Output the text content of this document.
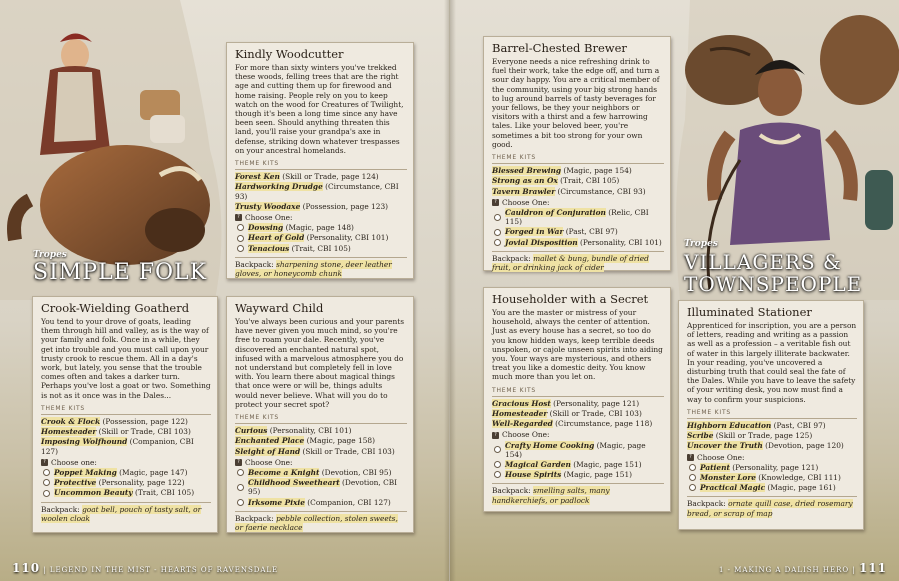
Tropes
SIMPLE FOLK
Tropes
VILLAGERS &
TOWNSPEOPLE
Kindly Woodcutter

For more than sixty winters you've trekked these woods, felling trees that are the right age and cutting them up for firewood and home raising. People rely on you to keep watch on the wood for Creatures of Twilight, though it's been a long time since any have been seen. Should anything threaten this land, you'll raise your grandpa's axe in defense, striking down whatever trespasses on your ancestral homelands.

THEME KITS
Forest Ken (Skill or Trade, page 124)
Hardworking Drudge (Circumstance, CBI 93)
Trusty Woodaxe (Possession, page 123)
? Choose One:
Dowsing (Magic, page 148)
Heart of Gold (Personality, CBI 101)
Tenacious (Trait, CBI 105)
Backpack: sharpening stone, deer leather gloves, or honeycomb chunk
Crook-Wielding Goatherd

You tend to your drove of goats, leading them through hill and valley, as is the way of your family and folk. Once in a while, they get into trouble and you must call upon your trusty crook to rescue them. All in a day's work, but lately, you sense that the trouble comes often and takes a darker turn. Perhaps you've lost a goat or two. Something is not as it once was in the Dales...

THEME KITS
Crook & Flock (Possession, page 122)
Homesteader (Skill or Trade, CBI 103)
Imposing Wolfhound (Companion, CBI 127)
? Choose one:
Poppet Making (Magic, page 147)
Protective (Personality, page 122)
Uncommon Beauty (Trait, CBI 105)
Backpack: goat bell, pouch of tasty salt, or woolen cloak
Wayward Child

You've always been curious and your parents have never given you much mind, so you're free to roam your dale. Recently, you've discovered an enchanted natural spot, infused with a marvelous atmosphere you do not understand but completely fell in love with. You learn there about magical things that once were or will be, things adults would never believe. What will you do to protect your secret spot?

THEME KITS
Curious (Personality, CBI 101)
Enchanted Place (Magic, page 158)
Sleight of Hand (Skill or Trade, CBI 103)
? Choose One:
Become a Knight (Devotion, CBI 95)
Childhood Sweetheart (Devotion, CBI 95)
Irksome Pixie (Companion, CBI 127)
Backpack: pebble collection, stolen sweets, or faerie necklace
Barrel-Chested Brewer

Everyone needs a nice refreshing drink to fuel their work, take the edge off, and turn a sour day happy. You are a critical member of the community, using your big strong hands to lug around barrels of tasty beverages for your fellows, be they your neighbors or visitors with a thirst and a few harrowing tales. Like your beloved beer, you're sometimes a bit too strong for your own good.

THEME KITS
Blessed Brewing (Magic, page 154)
Strong as an Ox (Trait, CBI 105)
Tavern Brawler (Circumstance, CBI 93)
? Choose One:
Cauldron of Conjuration (Relic, CBI 115)
Forged in War (Past, CBI 97)
Jovial Disposition (Personality, CBI 101)
Backpack: mallet & bung, bundle of dried fruit, or drinking jack of cider
Householder with a Secret

You are the master or mistress of your household, always the center of attention. Just as every house has a secret, so too do you know hidden ways, keep terrible deeds unspoken, or cajole unseen spirits into aiding you. Your ways are mysterious, and others treat you like a domestic deity. You know much more than you let on.

THEME KITS
Gracious Host (Personality, page 121)
Homesteader (Skill or Trade, CBI 103)
Well-Regarded (Circumstance, page 118)
? Choose One:
Crafty Home Cooking (Magic, page 154)
Magical Garden (Magic, page 151)
House Spirits (Magic, page 151)
Backpack: smelling salts, many handkerchiefs, or padlock
Illuminated Stationer

Apprenticed for inscription, you are a person of letters, reading and writing as a passion as well as a profession – a veritable fish out of water in this largely illiterate backwater. In your reading, you've uncovered a disturbing truth that could seal the fate of the Dales. While you have to leave the safety of your writing desk, you now must find a way to confirm your suspicions.

THEME KITS
Highborn Education (Past, CBI 97)
Scribe (Skill or Trade, page 125)
Uncover the Truth (Devotion, page 120)
? Choose One:
Patient (Personality, page 121)
Monster Lore (Knowledge, CBI 111)
Practical Magic (Magic, page 161)
Backpack: ornate quill case, dried rosemary bread, or scrap of map
110 | LEGEND IN THE MIST - HEARTS OF RAVENSDALE	1 - MAKING A DALISH HERO | 111
